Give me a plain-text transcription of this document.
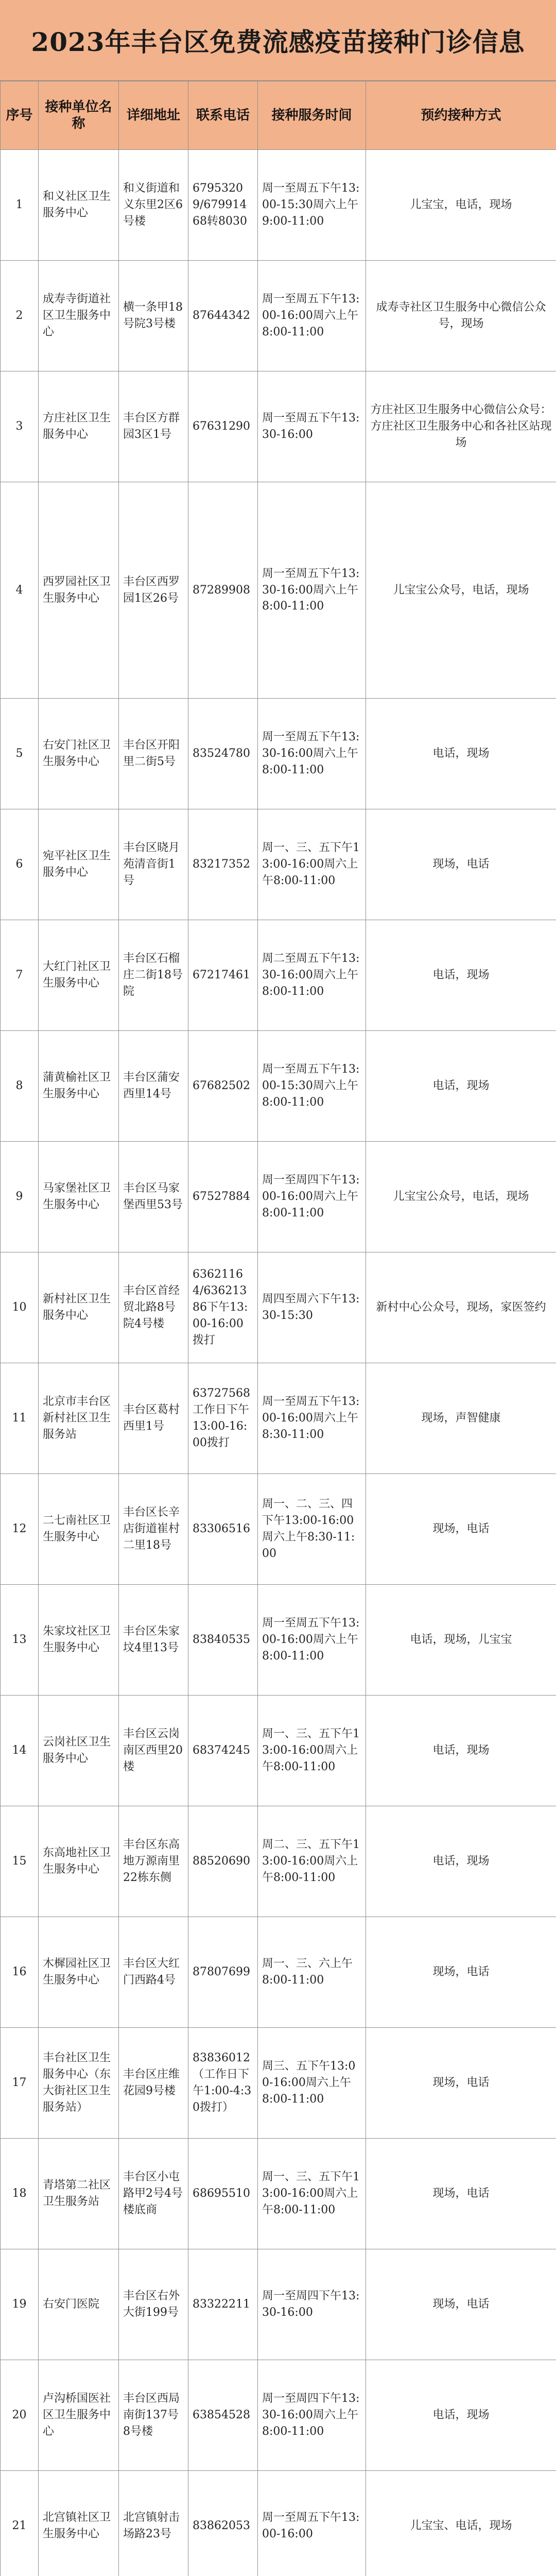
2023年丰台区免费流感疫苗接种门诊信息
序号	接种单位名称	详细地址	联系电话	接种服务时间	预约接种方式
1	和义社区卫生服务中心	和义街道和义东里2区6号楼	67953209/67991468转8030	周一至周五下午13:00-15:30周六上午9:00-11:00	儿宝宝，电话，现场
2	成寿寺街道社区卫生服务中心	横一条甲18号院3号楼	87644342	周一至周五下午13:00-16:00周六上午8:00-11:00	成寿寺社区卫生服务中心微信公众号，现场
3	方庄社区卫生服务中心	丰台区方群园3区1号	67631290	周一至周五下午13:30-16:00	方庄社区卫生服务中心微信公众号：方庄社区卫生服务中心和各社区站现场
4	西罗园社区卫生服务中心	丰台区西罗园1区26号	87289908	周一至周五下午13:30-16:00周六上午8:00-11:00	儿宝宝公众号，电话，现场
5	右安门社区卫生服务中心	丰台区开阳里二街5号	83524780	周一至周五下午13:30-16:00周六上午8:00-11:00	电话，现场
6	宛平社区卫生服务中心	丰台区晓月苑清音街1号	83217352	周一、三、五下午13:00-16:00周六上午8:00-11:00	现场，电话
7	大红门社区卫生服务中心	丰台区石榴庄二街18号院	67217461	周二至周五下午13:30-16:00周六上午8:00-11:00	电话，现场
8	蒲黄榆社区卫生服务中心	丰台区蒲安西里14号	67682502	周一至周五下午13:00-15:30周六上午8:00-11:00	电话，现场
9	马家堡社区卫生服务中心	丰台区马家堡西里53号	67527884	周一至周四下午13:00-16:00周六上午8:00-11:00	儿宝宝公众号，电话，现场
10	新村社区卫生服务中心	丰台区首经贸北路8号院4号楼	63621164/63621386下午13:00-16:00拨打	周四至周六下午13:30-15:30	新村中心公众号，现场，家医签约
11	北京市丰台区新村社区卫生服务站	丰台区葛村西里1号	63727568工作日下午13:00-16:00拨打	周一至周五下午13:00-16:00周六上午8:30-11:00	现场，声智健康
12	二七南社区卫生服务中心	丰台区长辛店街道崔村二里18号	83306516	周一、二、三、四下午13:00-16:00周六上午8:30-11:00	现场，电话
13	朱家坟社区卫生服务中心	丰台区朱家坟4里13号	83840535	周一至周五下午13:00-16:00周六上午8:00-11:00	电话，现场，儿宝宝
14	云岗社区卫生服务中心	丰台区云岗南区西里20楼	68374245	周一、三、五下午13:00-16:00周六上午8:00-11:00	电话，现场
15	东高地社区卫生服务中心	丰台区东高地万源南里22栋东侧	88520690	周二、三、五下午13:00-16:00周六上午8:00-11:00	电话，现场
16	木樨园社区卫生服务中心	丰台区大红门西路4号	87807699	周一、三、六上午8:00-11:00	现场，电话
17	丰台社区卫生服务中心（东大街社区卫生服务站）	丰台区庄维花园9号楼	83836012（工作日下午1:00-4:30拨打）	周三、五下午13:00-16:00周六上午8:00-11:00	现场，电话
18	青塔第二社区卫生服务站	丰台区小屯路甲2号4号楼底商	68695510	周一、三、五下午13:00-16:00周六上午8:00-11:00	现场，电话
19	右安门医院	丰台区右外大街199号	83322211	周一至周四下午13:30-16:00	现场，电话
20	卢沟桥国医社区卫生服务中心	丰台区西局南街137号8号楼	63854528	周一至周四下午13:30-16:00周六上午8:00-11:00	电话，现场
21	北宫镇社区卫生服务中心	北宫镇射击场路23号	83862053	周一至周五下午13:00-16:00	儿宝宝、电话，现场
